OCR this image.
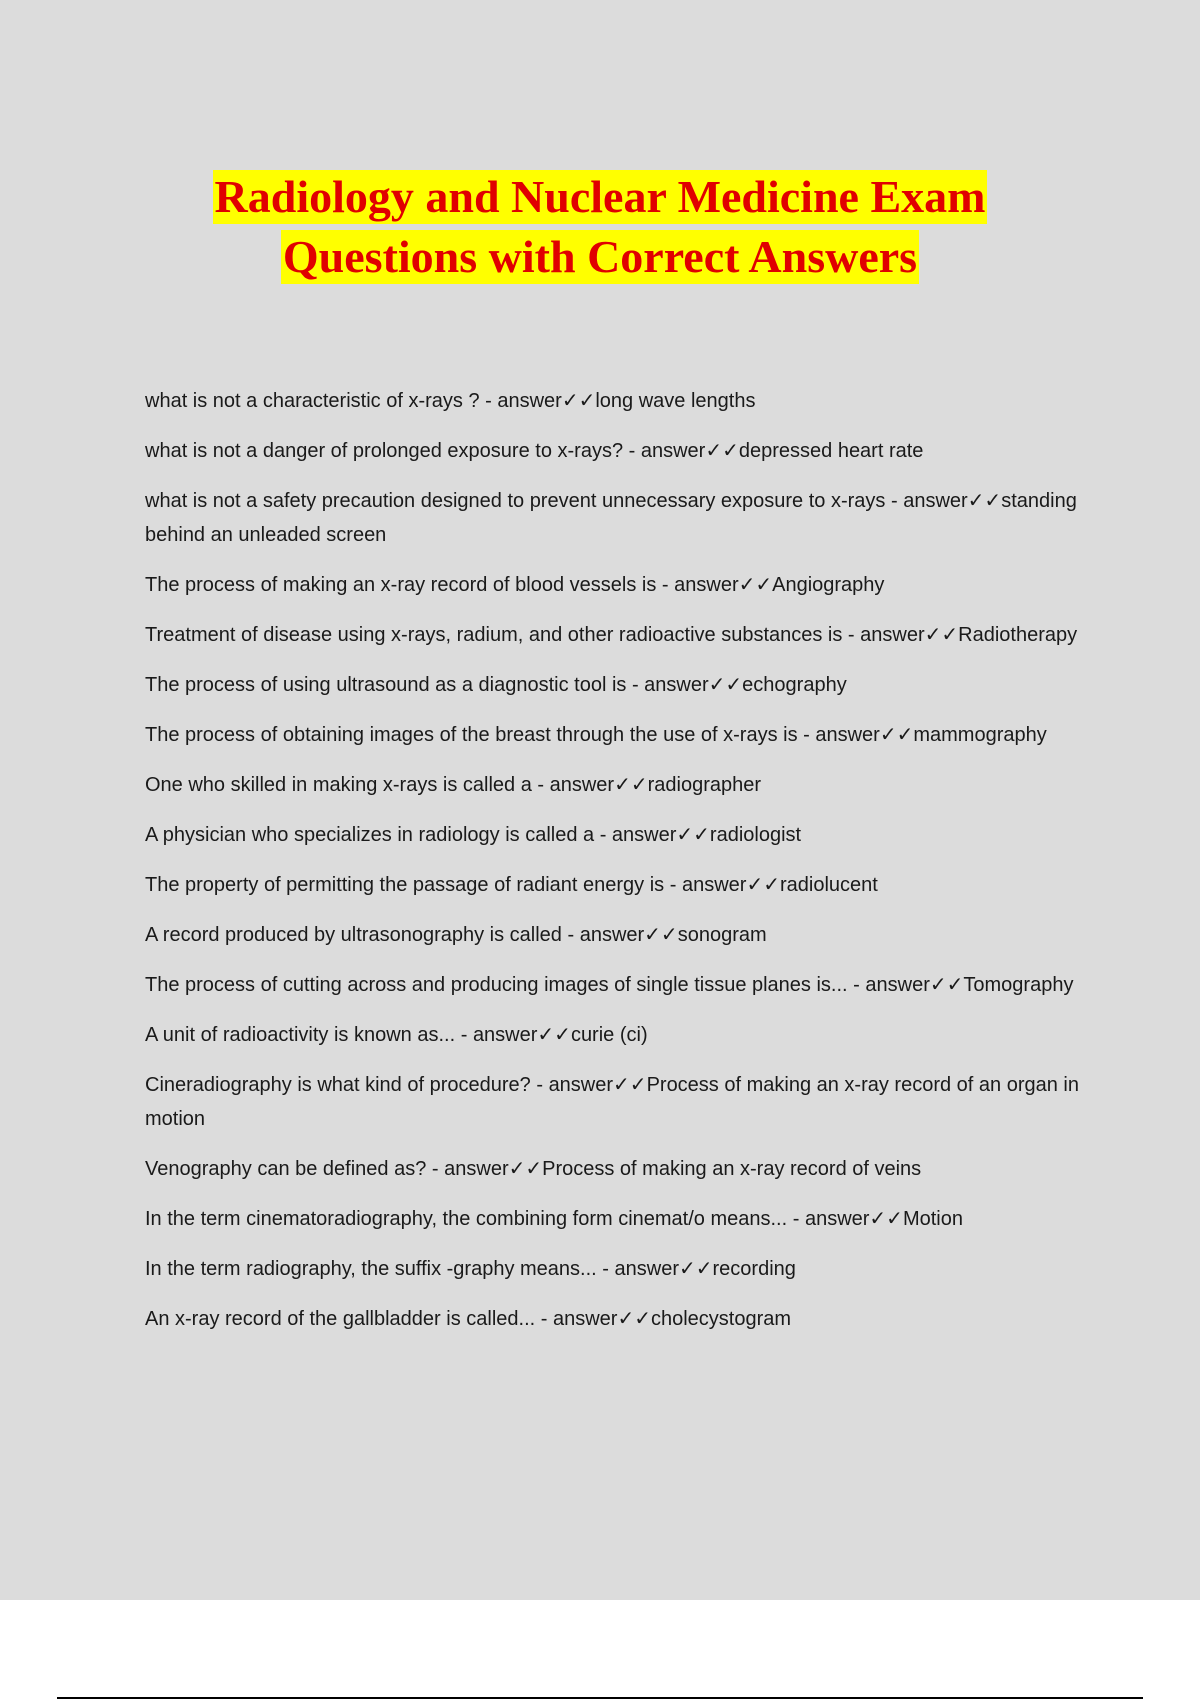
Radiology and Nuclear Medicine Exam
Questions with Correct Answers
what is not a characteristic of x-rays ? - answer✓✓long wave lengths
what is not a danger of prolonged exposure to x-rays? - answer✓✓depressed heart rate
what is not a safety precaution designed to prevent unnecessary exposure to x-rays - answer✓✓standing behind an unleaded screen
The process of making an x-ray record of blood vessels is - answer✓✓Angiography
Treatment of disease using x-rays, radium, and other radioactive substances is - answer✓✓Radiotherapy
The process of using ultrasound as a diagnostic tool is - answer✓✓echography
The process of obtaining images of the breast through the use of x-rays is - answer✓✓mammography
One who skilled in making x-rays is called a - answer✓✓radiographer
A physician who specializes in radiology is called a - answer✓✓radiologist
The property of permitting the passage of radiant energy is - answer✓✓radiolucent
A record produced by ultrasonography is called - answer✓✓sonogram
The process of cutting across and producing images of single tissue planes is... - answer✓✓Tomography
A unit of radioactivity is known as... - answer✓✓curie (ci)
Cineradiography is what kind of procedure? - answer✓✓Process of making an x-ray record of an organ in motion
Venography can be defined as? - answer✓✓Process of making an x-ray record of veins
In the term cinematoradiography, the combining form cinemat/o means... - answer✓✓Motion
In the term radiography, the suffix -graphy means... - answer✓✓recording
An x-ray record of the gallbladder is called... - answer✓✓cholecystogram
